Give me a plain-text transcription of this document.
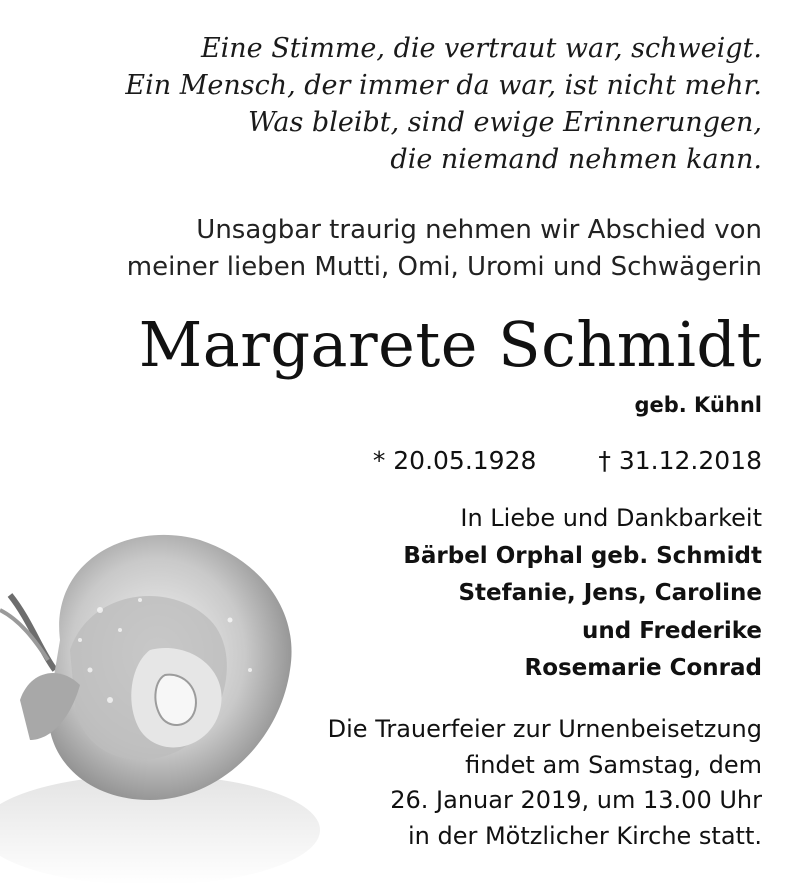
Eine Stimme, die vertraut war, schweigt.
Ein Mensch, der immer da war, ist nicht mehr.
Was bleibt, sind ewige Erinnerungen,
die niemand nehmen kann.
Unsagbar traurig nehmen wir Abschied von
meiner lieben Mutti, Omi, Uromi und Schwägerin
Margarete Schmidt
geb. Kühnl
* 20.05.1928 † 31.12.2018
In Liebe und Dankbarkeit
Bärbel Orphal geb. Schmidt
Stefanie, Jens, Caroline
und Frederike
Rosemarie Conrad
Die Trauerfeier zur Urnenbeisetzung
findet am Samstag, dem
26. Januar 2019, um 13.00 Uhr
in der Mötzlicher Kirche statt.
